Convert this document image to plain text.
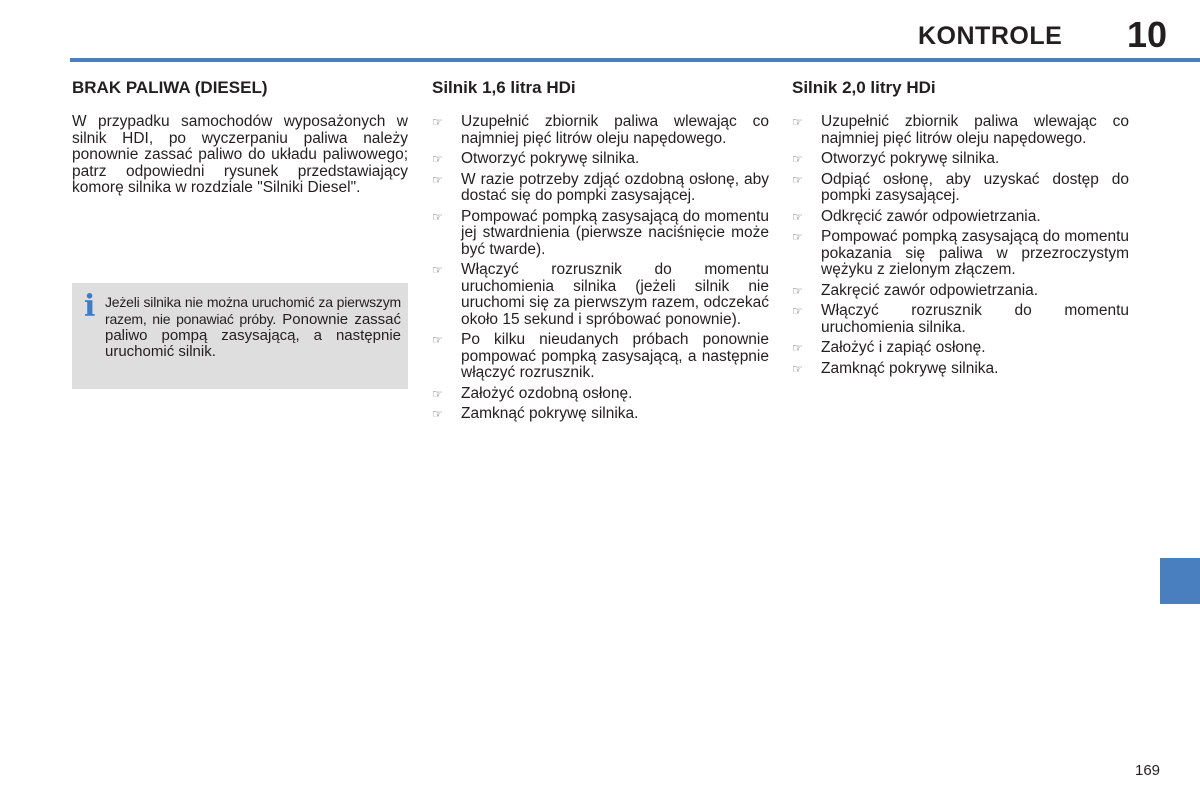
KONTROLE 10
BRAK PALIWA (DIESEL)

W przypadku samochodów wyposażonych w silnik HDI, po wyczerpaniu paliwa należy ponownie zassać paliwo do układu paliwowego; patrz odpowiedni rysunek przedstawiający komorę silnika w rozdziale "Silniki Diesel".

i Jeżeli silnika nie można uruchomić za pierwszym razem, nie ponawiać próby. Ponownie zassać paliwo pompą zasysającą, a następnie uruchomić silnik.

Silnik 1,6 litra HDi
☞	Uzupełnić zbiornik paliwa wlewając co najmniej pięć litrów oleju napędowego.
☞	Otworzyć pokrywę silnika.
☞	W razie potrzeby zdjąć ozdobną osłonę, aby dostać się do pompki zasysającej.
☞	Pompować pompką zasysającą do momentu jej stwardnienia (pierwsze naciśnięcie może być twarde).
☞	Włączyć rozrusznik do momentu uruchomienia silnika (jeżeli silnik nie uruchomi się za pierwszym razem, odczekać około 15 sekund i spróbować ponownie).
☞	Po kilku nieudanych próbach ponownie pompować pompką zasysającą, a następnie włączyć rozrusznik.
☞	Założyć ozdobną osłonę.
☞	Zamknąć pokrywę silnika.
Silnik 2,0 litry HDi
☞	Uzupełnić zbiornik paliwa wlewając co najmniej pięć litrów oleju napędowego.
☞	Otworzyć pokrywę silnika.
☞	Odpiąć osłonę, aby uzyskać dostęp do pompki zasysającej.
☞	Odkręcić zawór odpowietrzania.
☞	Pompować pompką zasysającą do momentu pokazania się paliwa w przezroczystym wężyku z zielonym złączem.
☞	Zakręcić zawór odpowietrzania.
☞	Włączyć rozrusznik do momentu uruchomienia silnika.
☞	Założyć i zapiąć osłonę.
☞	Zamknąć pokrywę silnika.
169
